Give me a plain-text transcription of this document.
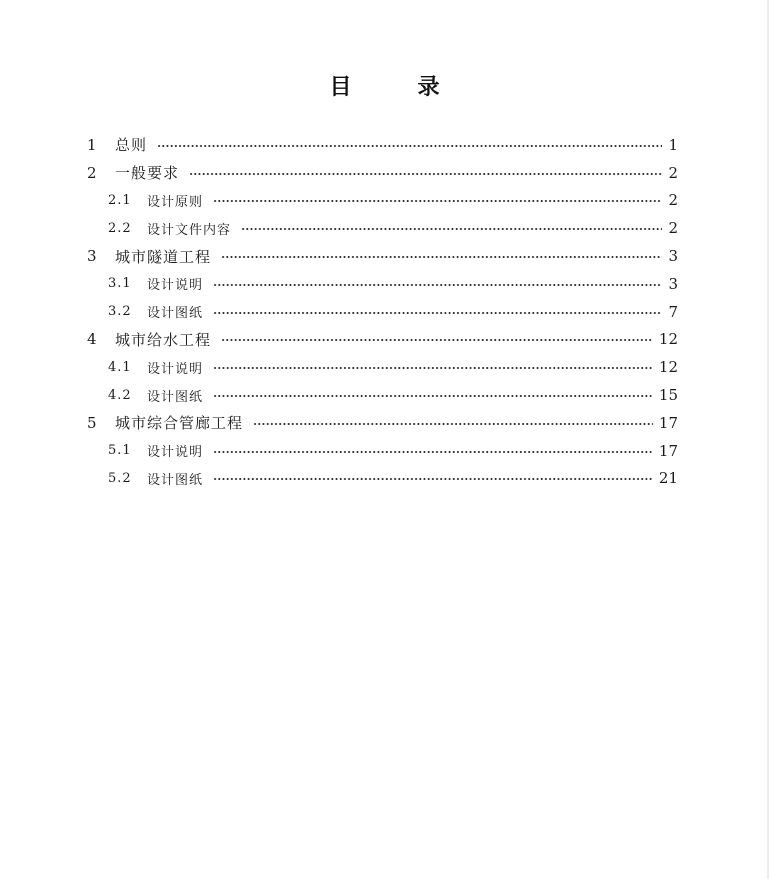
目　录
1	总则	1
2	一般要求	2
2.1	设计原则	2
2.2	设计文件内容	2
3	城市隧道工程	3
3.1	设计说明	3
3.2	设计图纸	7
4	城市给水工程	12
4.1	设计说明	12
4.2	设计图纸	15
5	城市综合管廊工程	17
5.1	设计说明	17
5.2	设计图纸	21
